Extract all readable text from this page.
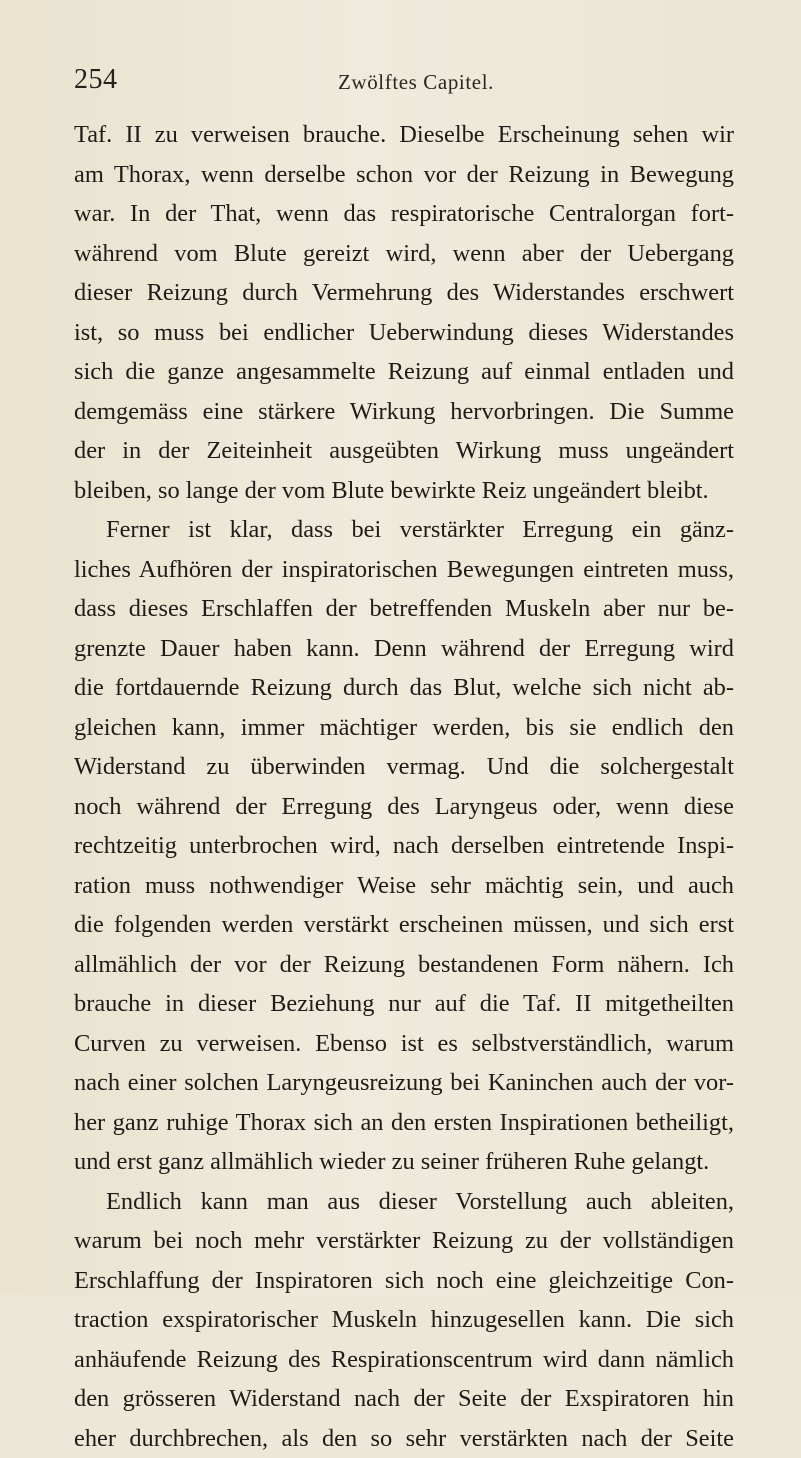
254	Zwölftes Capitel.
Taf. II zu verweisen brauche. Dieselbe Erscheinung sehen wir
am Thorax, wenn derselbe schon vor der Reizung in Bewegung
war. In der That, wenn das respiratorische Centralorgan fort-
während vom Blute gereizt wird, wenn aber der Uebergang
dieser Reizung durch Vermehrung des Widerstandes erschwert
ist, so muss bei endlicher Ueberwindung dieses Widerstandes
sich die ganze angesammelte Reizung auf einmal entladen und
demgemäss eine stärkere Wirkung hervorbringen. Die Summe
der in der Zeiteinheit ausgeübten Wirkung muss ungeändert
bleiben, so lange der vom Blute bewirkte Reiz ungeändert bleibt.
Ferner ist klar, dass bei verstärkter Erregung ein gänz-
liches Aufhören der inspiratorischen Bewegungen eintreten muss,
dass dieses Erschlaffen der betreffenden Muskeln aber nur be-
grenzte Dauer haben kann. Denn während der Erregung wird
die fortdauernde Reizung durch das Blut, welche sich nicht ab-
gleichen kann, immer mächtiger werden, bis sie endlich den
Widerstand zu überwinden vermag. Und die solchergestalt
noch während der Erregung des Laryngeus oder, wenn diese
rechtzeitig unterbrochen wird, nach derselben eintretende Inspi-
ration muss nothwendiger Weise sehr mächtig sein, und auch
die folgenden werden verstärkt erscheinen müssen, und sich erst
allmählich der vor der Reizung bestandenen Form nähern. Ich
brauche in dieser Beziehung nur auf die Taf. II mitgetheilten
Curven zu verweisen. Ebenso ist es selbstverständlich, warum
nach einer solchen Laryngeusreizung bei Kaninchen auch der vor-
her ganz ruhige Thorax sich an den ersten Inspirationen betheiligt,
und erst ganz allmählich wieder zu seiner früheren Ruhe gelangt.
Endlich kann man aus dieser Vorstellung auch ableiten,
warum bei noch mehr verstärkter Reizung zu der vollständigen
Erschlaffung der Inspiratoren sich noch eine gleichzeitige Con-
traction exspiratorischer Muskeln hinzugesellen kann. Die sich
anhäufende Reizung des Respirationscentrum wird dann nämlich
den grösseren Widerstand nach der Seite der Exspiratoren hin
eher durchbrechen, als den so sehr verstärkten nach der Seite
